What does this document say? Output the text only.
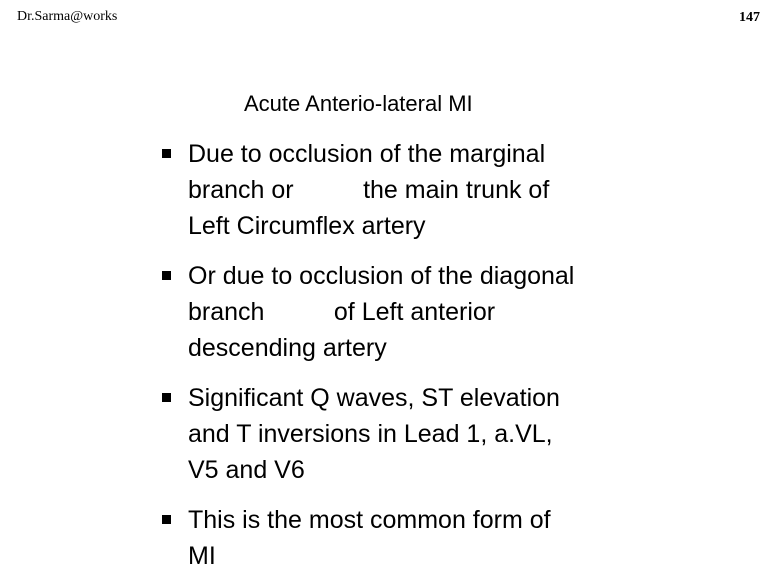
Dr.Sarma@works	147
Acute Anterio-lateral MI
Due to occlusion of the marginal
branch or          the main trunk of
Left Circumflex artery
Or due to occlusion of the diagonal
branch          of Left anterior
descending artery
Significant Q waves, ST elevation
and T inversions in Lead 1, a.VL,
V5 and V6
This is the most common form of
MI
